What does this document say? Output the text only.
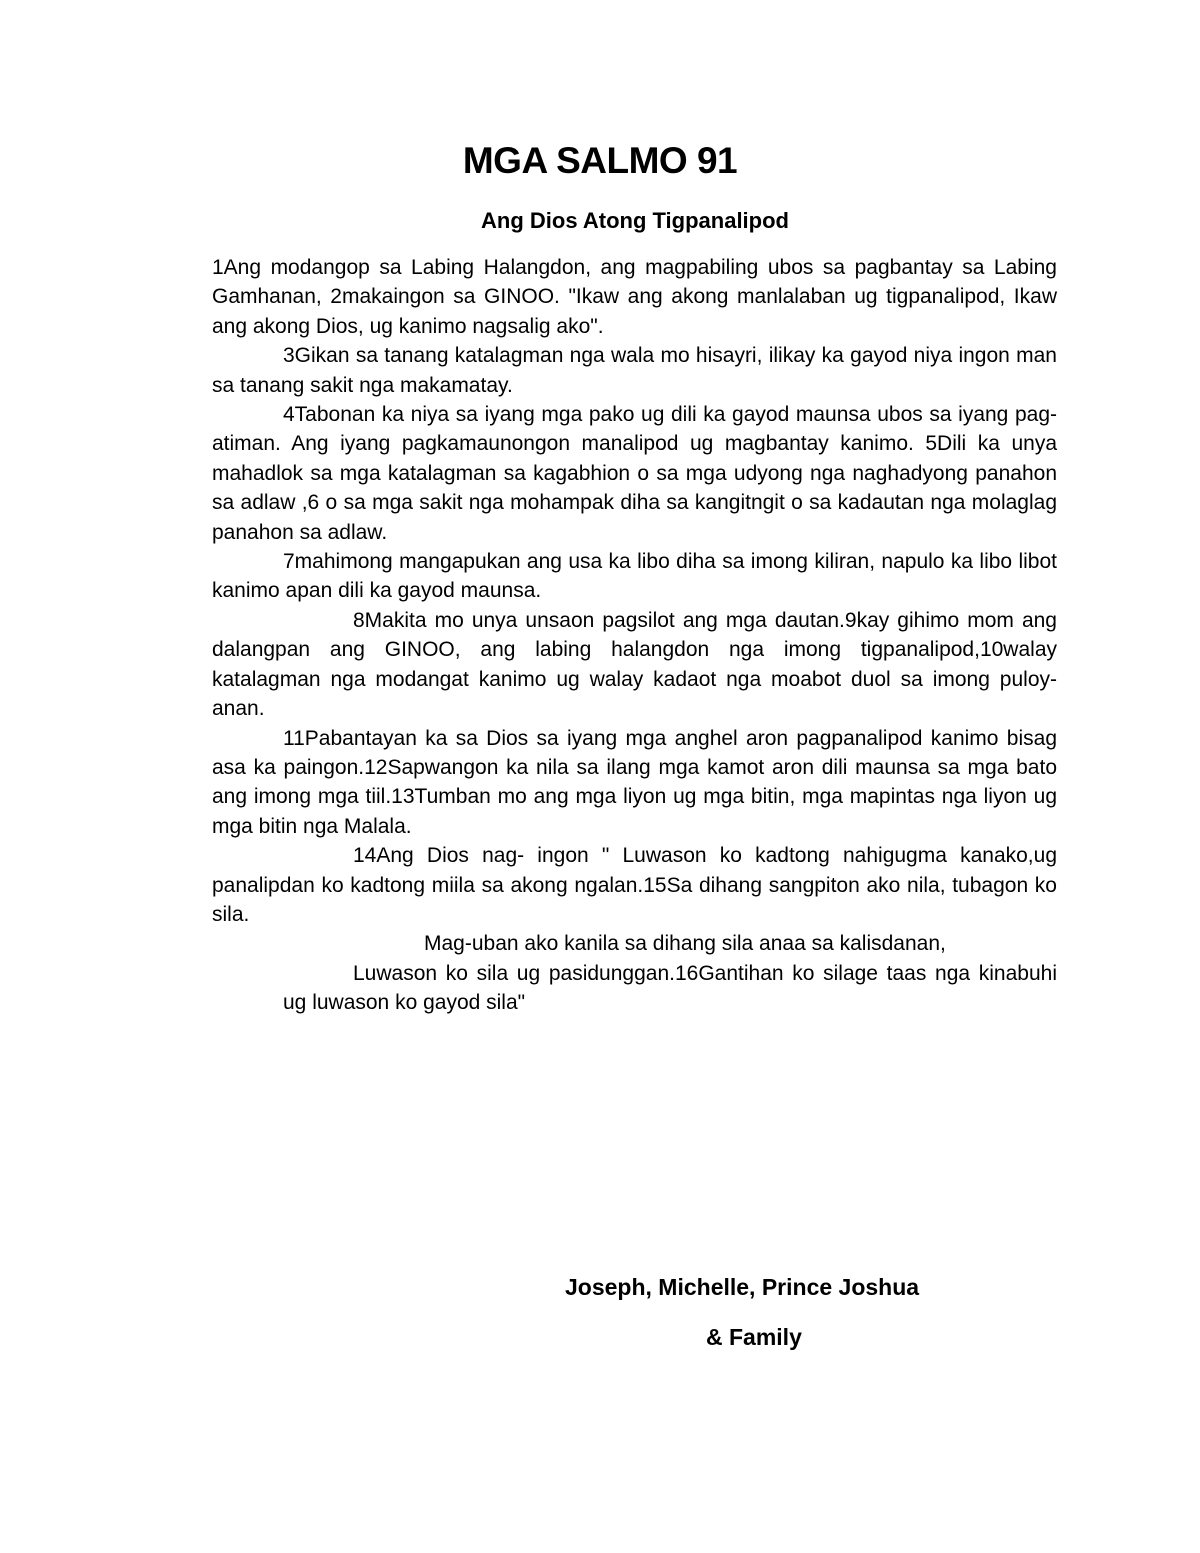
MGA SALMO 91
Ang Dios Atong Tigpanalipod

1Ang modangop sa Labing Halangdon, ang magpabiling ubos sa pagbantay sa Labing Gamhanan, 2makaingon sa GINOO. "Ikaw ang akong manlalaban ug tigpanalipod, Ikaw ang akong Dios, ug kanimo nagsalig ako".

3Gikan sa tanang katalagman nga wala mo hisayri, ilikay ka gayod niya ingon man sa tanang sakit nga makamatay.

4Tabonan ka niya sa iyang mga pako ug dili ka gayod maunsa ubos sa iyang pag-atiman. Ang iyang pagkamaunongon manalipod ug magbantay kanimo. 5Dili ka unya mahadlok sa mga katalagman sa kagabhion o sa mga udyong nga naghadyong panahon sa adlaw ,6 o sa mga sakit nga mohampak diha sa kangitngit o sa kadautan nga molaglag panahon sa adlaw.

7mahimong mangapukan ang usa ka libo diha sa imong kiliran, napulo ka libo libot kanimo apan dili ka gayod maunsa.

8Makita mo unya unsaon pagsilot ang mga dautan.9kay gihimo mom ang dalangpan ang GINOO, ang labing halangdon nga imong tigpanalipod,10walay katalagman nga modangat kanimo ug walay kadaot nga moabot duol sa imong puloy-anan.

11Pabantayan ka sa Dios sa iyang mga anghel aron pagpanalipod kanimo bisag asa ka paingon.12Sapwangon ka nila sa ilang mga kamot aron dili maunsa sa mga bato ang imong mga tiil.13Tumban mo ang mga liyon ug mga bitin, mga mapintas nga liyon ug mga bitin nga Malala.

14Ang Dios nag- ingon " Luwason ko kadtong nahigugma kanako,ug panalipdan ko kadtong miila sa akong ngalan.15Sa dihang sangpiton ako nila, tubagon ko sila.

Mag-uban ako kanila sa dihang sila anaa sa kalisdanan,

Luwason ko sila ug pasidunggan.16Gantihan ko silage taas nga kinabuhi ug luwason ko gayod sila"

Joseph, Michelle, Prince Joshua
& Family
